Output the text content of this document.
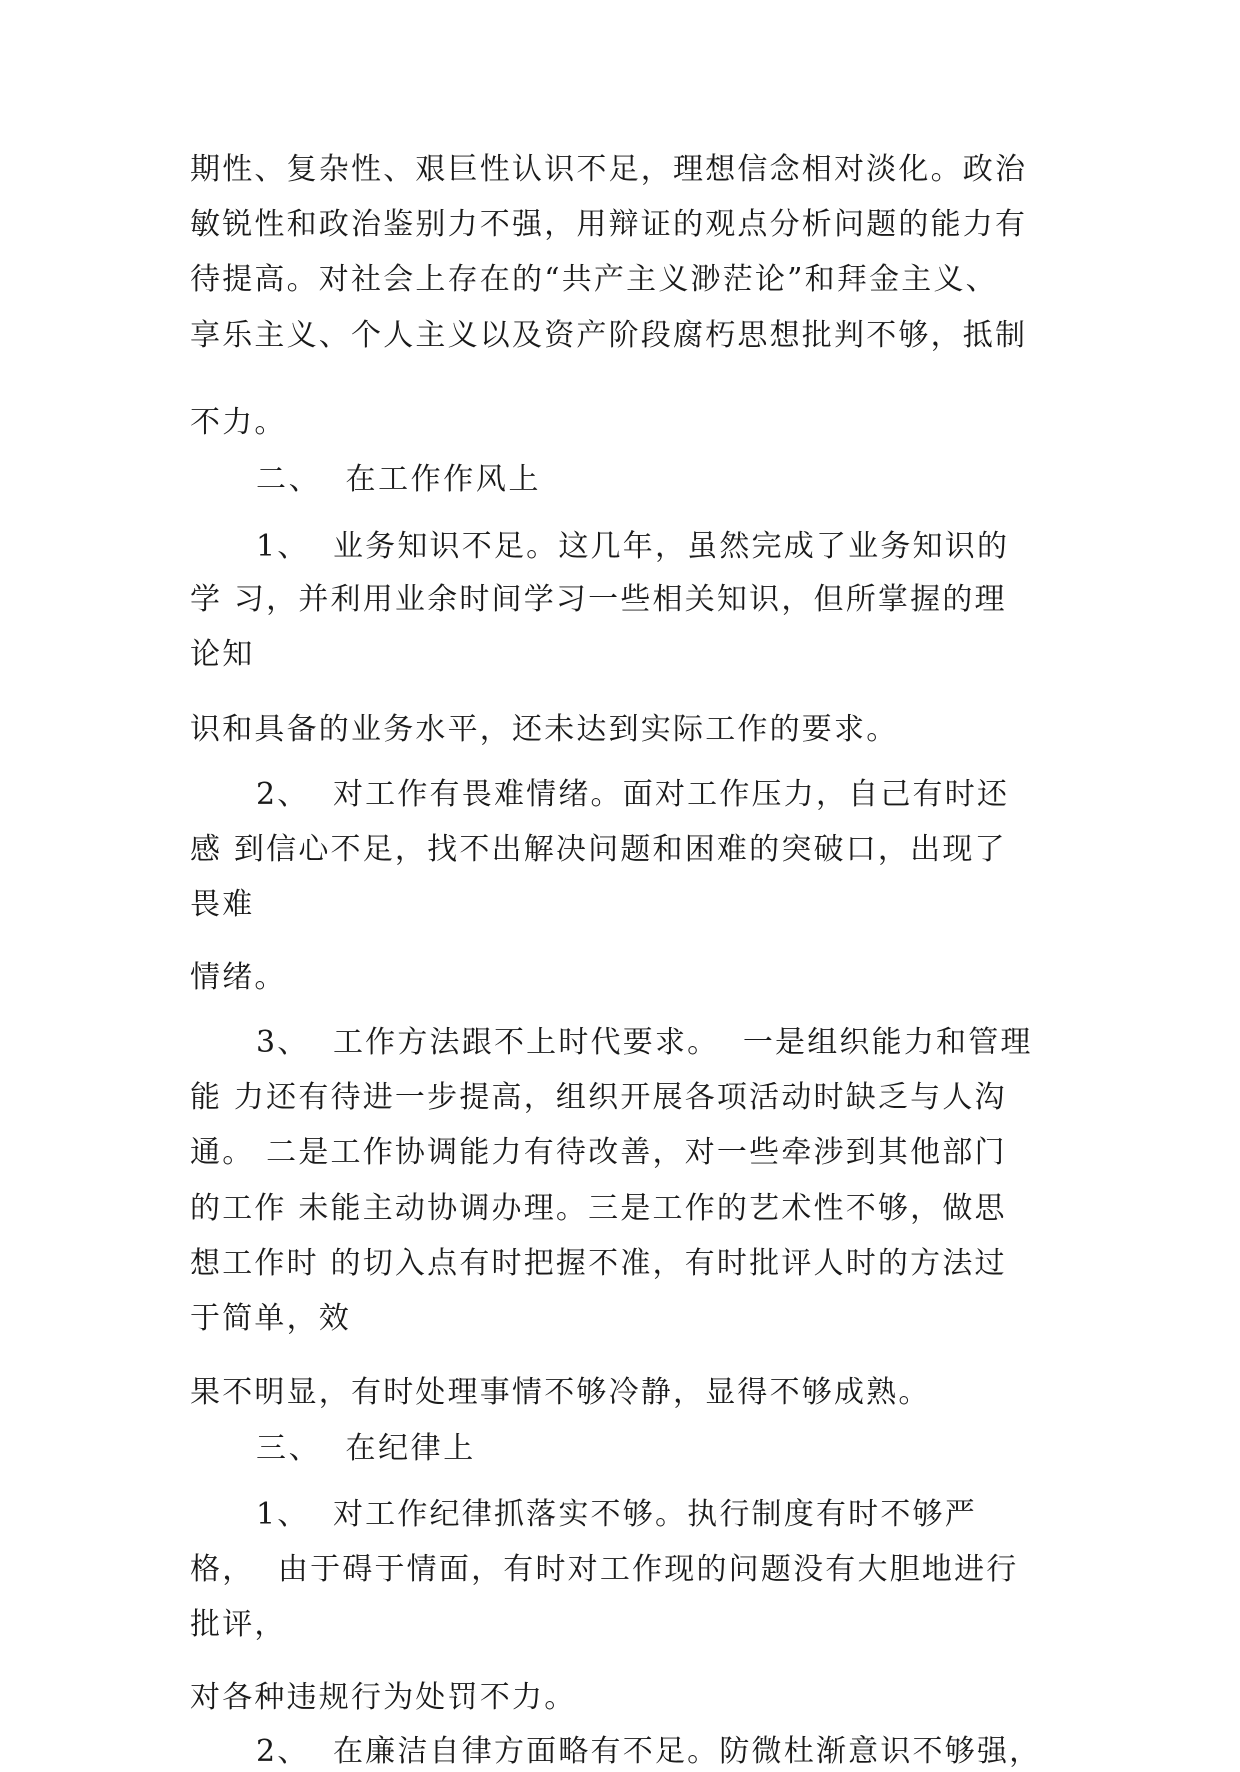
期性、复杂性、艰巨性认识不足，理想信念相对淡化。政治

敏锐性和政治鉴别力不强，用辩证的观点分析问题的能力有

待提高。对社会上存在的“共产主义渺茫论”和拜金主义、

享乐主义、个人主义以及资产阶段腐朽思想批判不够，抵制

不力。

二、  在工作作风上

1、  业务知识不足。这几年，虽然完成了业务知识的

学 习，并利用业余时间学习一些相关知识，但所掌握的理

论知

识和具备的业务水平，还未达到实际工作的要求。

2、  对工作有畏难情绪。面对工作压力，自己有时还

感 到信心不足，找不出解决问题和困难的突破口，出现了

畏难

情绪。

3、  工作方法跟不上时代要求。  一是组织能力和管理

能 力还有待进一步提高，组织开展各项活动时缺乏与人沟

通。 二是工作协调能力有待改善，对一些牵涉到其他部门

的工作 未能主动协调办理。三是工作的艺术性不够，做思

想工作时 的切入点有时把握不准，有时批评人时的方法过

于简单，效

果不明显，有时处理事情不够冷静，显得不够成熟。

三、  在纪律上

1、  对工作纪律抓落实不够。执行制度有时不够严

格，  由于碍于情面，有时对工作现的问题没有大胆地进行

批评，

对各种违规行为处罚不力。

2、  在廉洁自律方面略有不足。防微杜渐意识不够强，
